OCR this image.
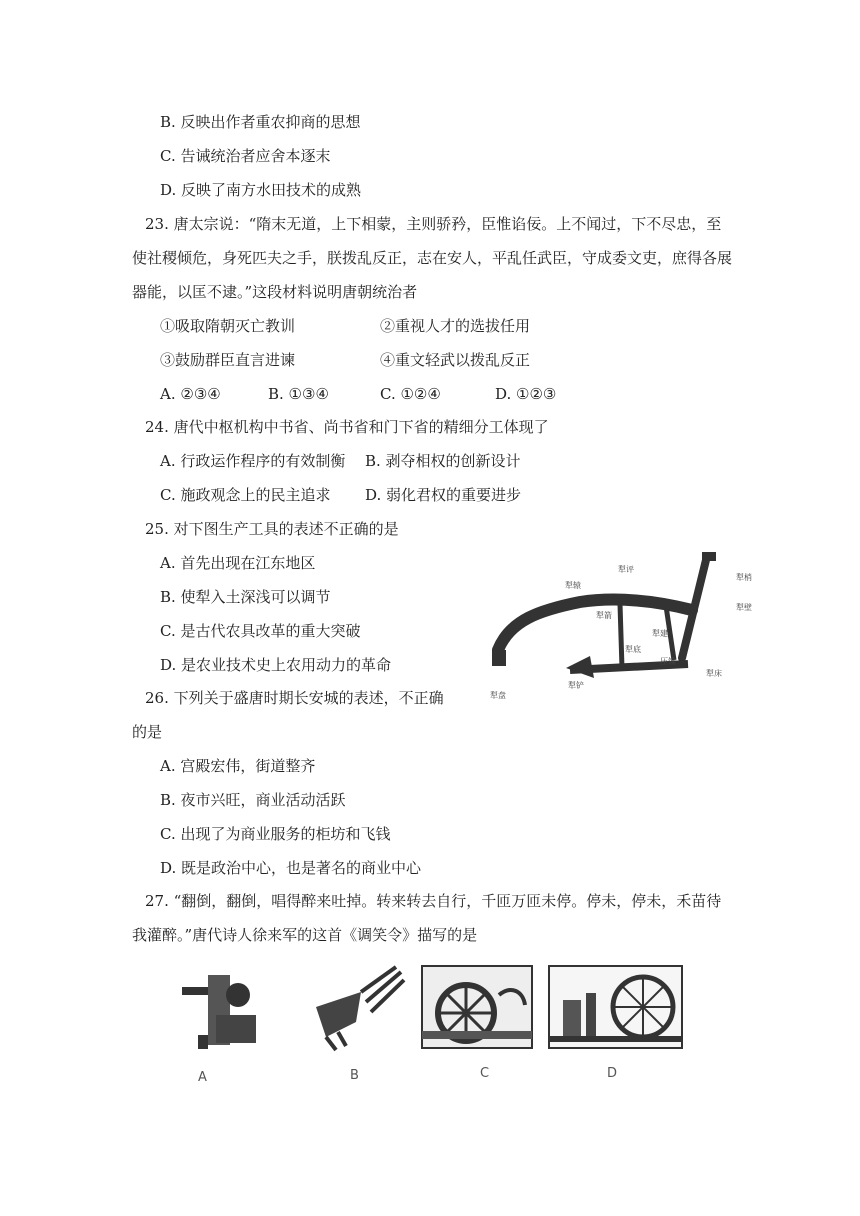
B. 反映出作者重农抑商的思想
C. 告诫统治者应舍本逐末
D. 反映了南方水田技术的成熟
23. 唐太宗说：“隋末无道，上下相蒙，主则骄矜，臣惟谄佞。上不闻过，下不尽忠，至
使社稷倾危，身死匹夫之手，朕拨乱反正，志在安人，平乱任武臣，守成委文吏，庶得各展
器能，以匡不逮。”这段材料说明唐朝统治者
①吸取隋朝灭亡教训	②重视人才的选拔任用
③鼓励群臣直言进谏	④重文轻武以拨乱反正
A. ②③④	B. ①③④	C. ①②④	D. ①②③
24. 唐代中枢机构中书省、尚书省和门下省的精细分工体现了
A. 行政运作程序的有效制衡 B. 剥夺相权的创新设计
C. 施政观念上的民主追求 D. 弱化君权的重要进步
25. 对下图生产工具的表述不正确的是
A. 首先出现在江东地区
B. 使犁入土深浅可以调节
C. 是古代农具改革的重大突破
D. 是农业技术史上农用动力的革命
犁评
犁辕
犁箭
犁建
犁底
犁铲
压镵
犁梢
犁壁
犁床
犁盘
26. 下列关于盛唐时期长安城的表述，不正确
的是
A. 宫殿宏伟，街道整齐
B. 夜市兴旺，商业活动活跃
C. 出现了为商业服务的柜坊和飞钱
D. 既是政治中心，也是著名的商业中心
27. “翻倒，翻倒，唱得醉来吐掉。转来转去自行，千匝万匝未停。停未，停未，禾苗待
我灌醉。”唐代诗人徐来军的这首《调笑令》描写的是
A	B	C	D
